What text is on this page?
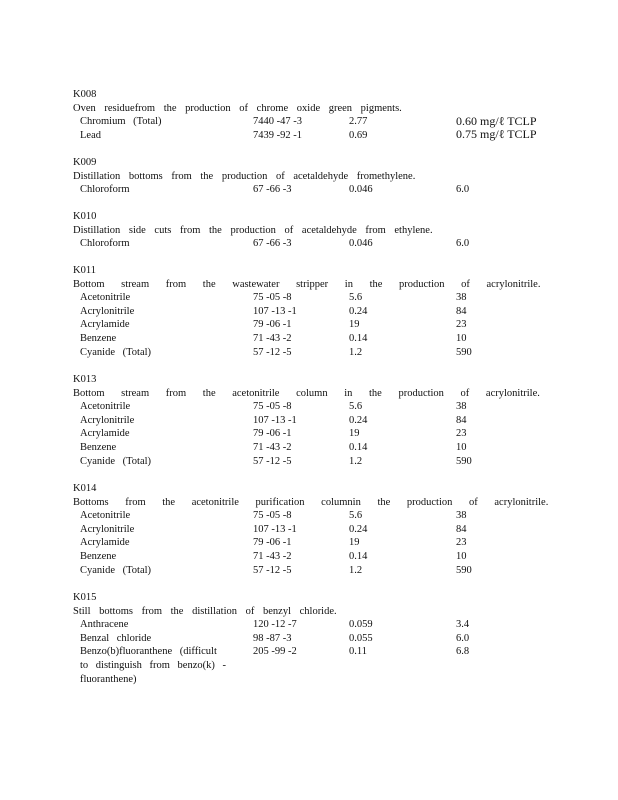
K008
Oven residuefrom the production of chrome oxide green pigments.
Chromium (Total)	7440 -47 -3	2.77	0.60 mg/ℓ TCLP
Lead	7439 -92 -1	0.69	0.75 mg/ℓ TCLP
K009
Distillation bottoms from the production of acetaldehyde fromethylene.
Chloroform	67 -66 -3	0.046	6.0
K010
Distillation side cuts from the production of acetaldehyde from ethylene.
Chloroform	67 -66 -3	0.046	6.0
K011
Bottom stream from the wastewater stripper in the production of acrylonitrile.
Acetonitrile	75 -05 -8	5.6	38
Acrylonitrile	107 -13 -1	0.24	84
Acrylamide	79 -06 -1	19	23
Benzene	71 -43 -2	0.14	10
Cyanide (Total)	57 -12 -5	1.2	590
K013
Bottom stream from the acetonitrile column in the production of acrylonitrile.
Acetonitrile	75 -05 -8	5.6	38
Acrylonitrile	107 -13 -1	0.24	84
Acrylamide	79 -06 -1	19	23
Benzene	71 -43 -2	0.14	10
Cyanide (Total)	57 -12 -5	1.2	590
K014
Bottoms from the acetonitrile purification columnin the production of acrylonitrile.
Acetonitrile	75 -05 -8	5.6	38
Acrylonitrile	107 -13 -1	0.24	84
Acrylamide	79 -06 -1	19	23
Benzene	71 -43 -2	0.14	10
Cyanide (Total)	57 -12 -5	1.2	590
K015
Still bottoms from the distillation of benzyl chloride.
Anthracene	120 -12 -7	0.059	3.4
Benzal chloride	98 -87 -3	0.055	6.0
Benzo(b)fluoranthene (difficult	205 -99 -2	0.11	6.8
to distinguish from benzo(k) -
fluoranthene)
